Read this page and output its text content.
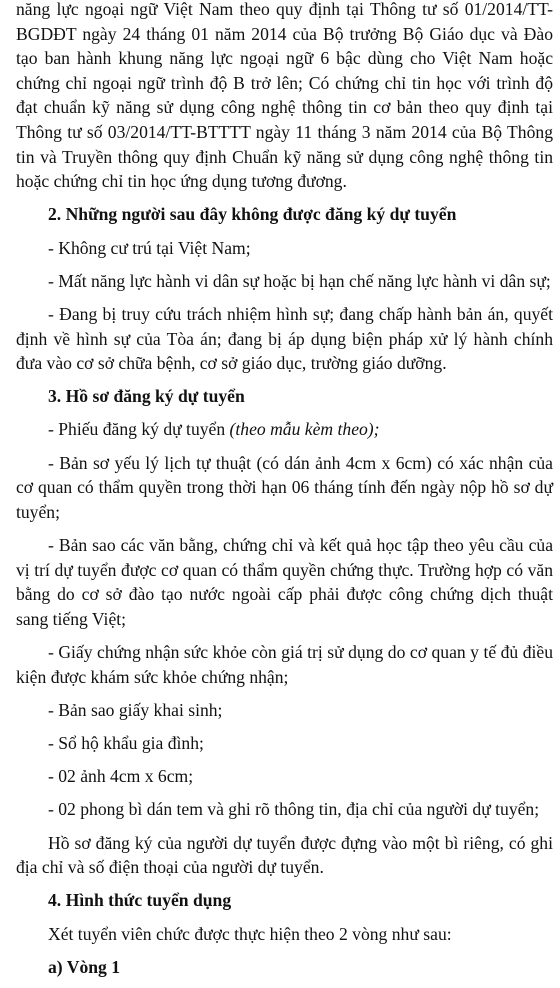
năng lực ngoại ngữ Việt Nam theo quy định tại Thông tư số 01/2014/TT-BGDĐT ngày 24 tháng 01 năm 2014 của Bộ trưởng Bộ Giáo dục và Đào tạo ban hành khung năng lực ngoại ngữ 6 bậc dùng cho Việt Nam hoặc chứng chỉ ngoại ngữ trình độ B trở lên; Có chứng chỉ tin học với trình độ đạt chuẩn kỹ năng sử dụng công nghệ thông tin cơ bản theo quy định tại Thông tư số 03/2014/TT-BTTTT ngày 11 tháng 3 năm 2014 của Bộ Thông tin và Truyền thông quy định Chuẩn kỹ năng sử dụng công nghệ thông tin hoặc chứng chỉ tin học ứng dụng tương đương.

2. Những người sau đây không được đăng ký dự tuyển

- Không cư trú tại Việt Nam;

- Mất năng lực hành vi dân sự hoặc bị hạn chế năng lực hành vi dân sự;

- Đang bị truy cứu trách nhiệm hình sự; đang chấp hành bản án, quyết định về hình sự của Tòa án; đang bị áp dụng biện pháp xử lý hành chính đưa vào cơ sở chữa bệnh, cơ sở giáo dục, trường giáo dưỡng.

3. Hồ sơ đăng ký dự tuyển

- Phiếu đăng ký dự tuyển (theo mẫu kèm theo);

- Bản sơ yếu lý lịch tự thuật (có dán ảnh 4cm x 6cm) có xác nhận của cơ quan có thẩm quyền trong thời hạn 06 tháng tính đến ngày nộp hồ sơ dự tuyển;

- Bản sao các văn bằng, chứng chỉ và kết quả học tập theo yêu cầu của vị trí dự tuyển được cơ quan có thẩm quyền chứng thực. Trường hợp có văn bằng do cơ sở đào tạo nước ngoài cấp phải được công chứng dịch thuật sang tiếng Việt;

- Giấy chứng nhận sức khỏe còn giá trị sử dụng do cơ quan y tế đủ điều kiện được khám sức khỏe chứng nhận;

- Bản sao giấy khai sinh;

- Sổ hộ khẩu gia đình;

- 02 ảnh 4cm x 6cm;

- 02 phong bì dán tem và ghi rõ thông tin, địa chỉ của người dự tuyển;

Hồ sơ đăng ký của người dự tuyển được đựng vào một bì riêng, có ghi địa chỉ và số điện thoại của người dự tuyển.

4. Hình thức tuyển dụng

Xét tuyển viên chức được thực hiện theo 2 vòng như sau:

a) Vòng 1
